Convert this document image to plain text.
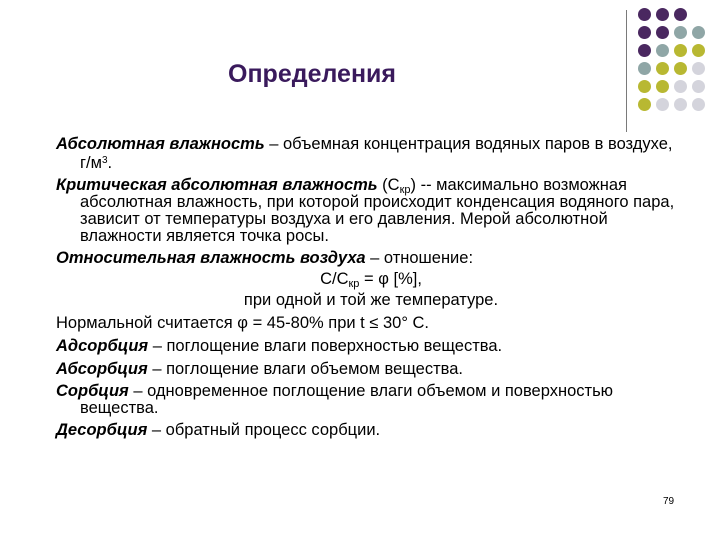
Определения

Абсолютная влажность – объемная концентрация водяных паров в воздухе, $г/м^3$.

Критическая абсолютная влажность $(С_{кр})$ -- максимально возможная абсолютная влажность, при которой происходит конденсация водяного пара, зависит от температуры воздуха и его давления. Мерой абсолютной влажности является точка росы.

Относительная влажность воздуха – отношение:

$С/С_{кр} = \varphi$ [%],

при одной и той же температуре.

Нормальной считается φ = 45-80% при t ≤ 30° С.

Адсорбция – поглощение влаги поверхностью вещества.

Абсорбция – поглощение влаги объемом вещества.

Сорбция – одновременное поглощение влаги объемом и поверхностью вещества.

Десорбция – обратный процесс сорбции.

79
